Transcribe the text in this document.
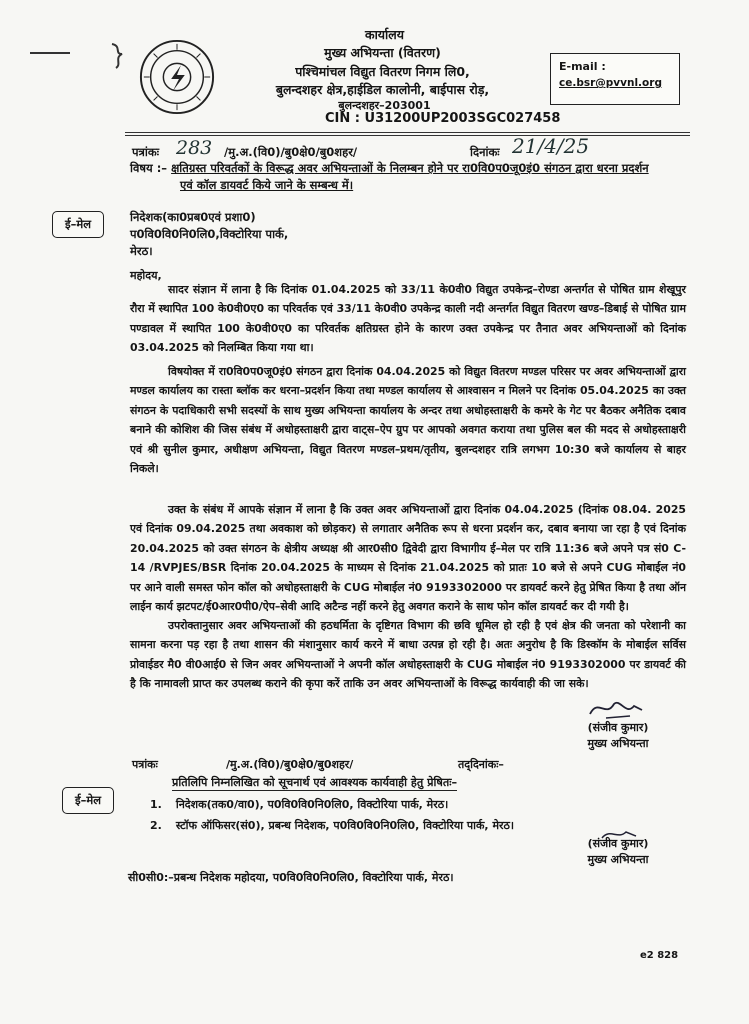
कार्यालय
मुख्य अभियन्ता (वितरण)
पश्चिमांचल विद्युत वितरण निगम लि0,
बुलन्दशहर क्षेत्र,हाईडिल कालोनी, बाईपास रोड़,
बुलन्दशहर–203001
CIN : U31200UP2003SGC027458
E-mail :
ce.bsr@pvvnl.org
पत्रांकः 283 /मु.अ.(वि0)/बु0क्षे0/बु0शहर/	दिनांकः 21/4/25
विषय :– क्षतिग्रस्त परिवर्तकों के विरूद्ध अवर अभियन्ताओं के निलम्बन होने पर रा0वि0प0जू0इं0 संगठन द्वारा धरना प्रदर्शन
एवं कॉल डायवर्ट किये जाने के सम्बन्ध में।
ई–मेल	निदेशक(का0प्रब0एवं प्रशा0)
प0वि0वि0नि0लि0,विक्टोरिया पार्क,
मेरठ।
महोदय,
सादर संज्ञान में लाना है कि दिनांक 01.04.2025 को 33/11 के0वी0 विद्युत उपकेन्द्र–रोण्डा अन्तर्गत से पोषित ग्राम शेखूपुर रौरा में स्थापित 100 के0वी0ए0 का परिवर्तक एवं 33/11 के0वी0 उपकेन्द्र काली नदी अन्तर्गत विद्युत वितरण खण्ड–डिबाई से पोषित ग्राम पण्डावल में स्थापित 100 के0वी0ए0 का परिवर्तक क्षतिग्रस्त होने के कारण उक्त उपकेन्द्र पर तैनात अवर अभियन्ताओं को दिनांक 03.04.2025 को निलम्बित किया गया था।
विषयोक्त में रा0वि0प0जू0इं0 संगठन द्वारा दिनांक 04.04.2025 को विद्युत वितरण मण्डल परिसर पर अवर अभियन्ताओं द्वारा मण्डल कार्यालय का रास्ता ब्लॉक कर धरना–प्रदर्शन किया तथा मण्डल कार्यालय से आश्वासन न मिलने पर दिनांक 05.04.2025 का उक्त संगठन के पदाधिकारी सभी सदस्यों के साथ मुख्य अभियन्ता कार्यालय के अन्दर तथा अधोहस्ताक्षरी के कमरे के गेट पर बैठकर अनैतिक दबाव बनाने की कोशिश की जिस संबंध में अधोहस्ताक्षरी द्वारा वाट्स–ऐप ग्रुप पर आपको अवगत कराया तथा पुलिस बल की मदद से अधोहस्ताक्षरी एवं श्री सुनील कुमार, अधीक्षण अभियन्ता, विद्युत वितरण मण्डल–प्रथम/तृतीय, बुलन्दशहर रात्रि लगभग 10:30 बजे कार्यालय से बाहर निकले।
उक्त के संबंध में आपके संज्ञान में लाना है कि उक्त अवर अभियन्ताओं द्वारा दिनांक 04.04.2025 (दिनांक 08.04. 2025 एवं दिनांक 09.04.2025 तथा अवकाश को छोड़कर) से लगातार अनैतिक रूप से धरना प्रदर्शन कर, दबाव बनाया जा रहा है एवं दिनांक 20.04.2025 को उक्त संगठन के क्षेत्रीय अध्यक्ष श्री आर0सी0 द्विवेदी द्वारा विभागीय ई–मेल पर रात्रि 11:36 बजे अपने पत्र सं0 C-14 /RVPJES/BSR दिनांक 20.04.2025 के माध्यम से दिनांक 21.04.2025 को प्रातः 10 बजे से अपने CUG मोबाईल नं0 पर आने वाली समस्त फोन कॉल को अधोहस्ताक्षरी के CUG मोबाईल नं0 9193302000 पर डायवर्ट करने हेतु प्रेषित किया है तथा ऑन लाईन कार्य झटपट/ई0आर0पी0/ऐप–सेवी आदि अटैन्ड नहीं करने हेतु अवगत कराने के साथ फोन कॉल डायवर्ट कर दी गयी है।
उपरोक्तानुसार अवर अभियन्ताओं की हठधर्मिता के दृष्टिगत विभाग की छवि धूमिल हो रही है एवं क्षेत्र की जनता को परेशानी का सामना करना पड़ रहा है तथा शासन की मंशानुसार कार्य करने में बाधा उत्पन्न हो रही है। अतः अनुरोध है कि डिस्कॉम के मोबाईल सर्विस प्रोवाईडर मै0 वी0आई0 से जिन अवर अभियन्ताओं ने अपनी कॉल अधोहस्ताक्षरी के CUG मोबाईल नं0 9193302000 पर डायवर्ट की है कि नामावली प्राप्त कर उपलब्ध कराने की कृपा करें ताकि उन अवर अभियन्ताओं के विरूद्ध कार्यवाही की जा सके।
(संजीव कुमार)
मुख्य अभियन्ता
पत्रांकः	/मु.अ.(वि0)/बु0क्षे0/बु0शहर/	तद्‌दिनांकः–
प्रतिलिपि निम्नलिखित को सूचनार्थ एवं आवश्यक कार्यवाही हेतु प्रेषितः–
ई–मेल	1. निदेशक(तक0/वा0), प0वि0वि0नि0लि0, विक्टोरिया पार्क, मेरठ।
2. स्टॉफ ऑफिसर(सं0), प्रबन्ध निदेशक, प0वि0वि0नि0लि0, विक्टोरिया पार्क, मेरठ।
(संजीव कुमार)
मुख्य अभियन्ता
सी0सी0:–प्रबन्ध निदेशक महोदया, प0वि0वि0नि0लि0, विक्टोरिया पार्क, मेरठ।
e2 828
